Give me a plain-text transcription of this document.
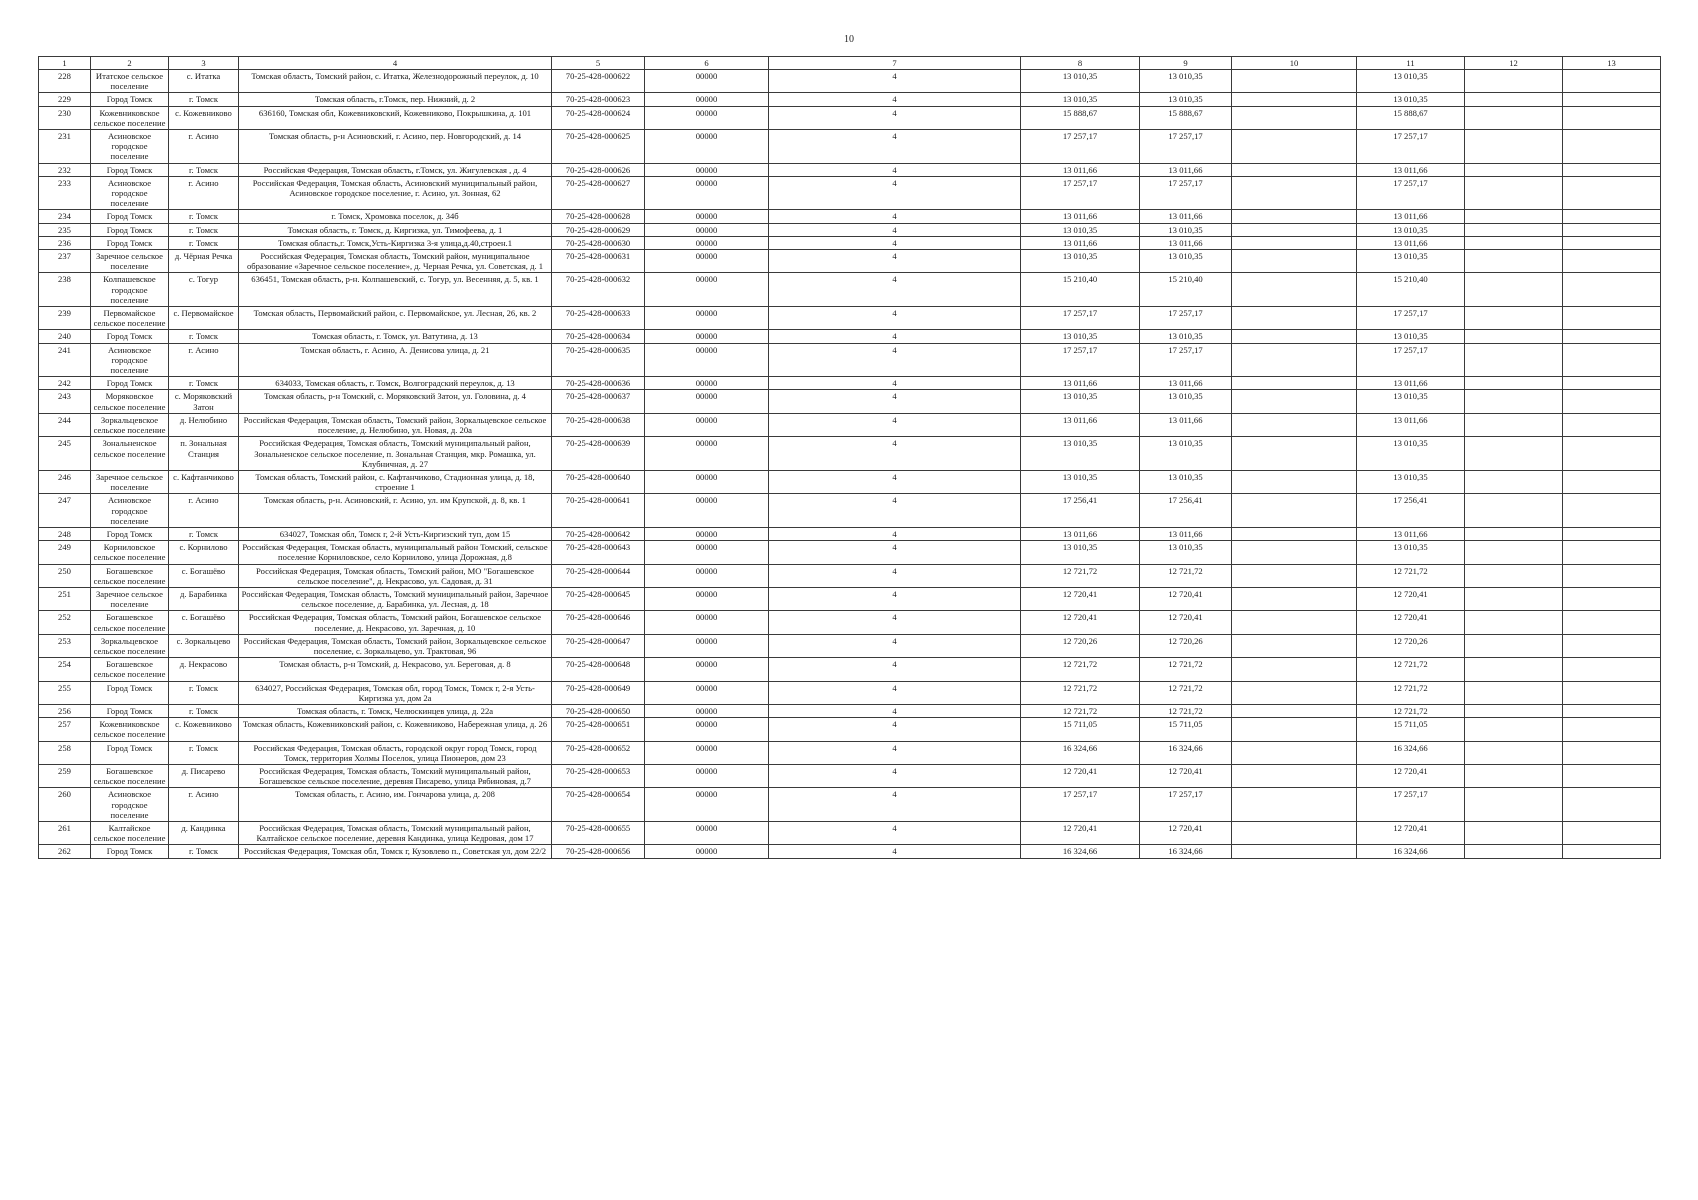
10
1	2	3	4	5	6	7	8	9	10	11	12	13
228	Итатское сельское поселение	с. Итатка	Томская область, Томский район, с. Итатка, Железнодорожный переулок, д. 10	70-25-428-000622	00000	4	13 010,35	13 010,35		13 010,35		
229	Город Томск	г. Томск	Томская область, г.Томск, пер. Нижний, д. 2	70-25-428-000623	00000	4	13 010,35	13 010,35		13 010,35		
230	Кожевниковское сельское поселение	с. Кожевниково	636160, Томская обл, Кожевниковский, Кожевниково, Покрышкина, д. 101	70-25-428-000624	00000	4	15 888,67	15 888,67		15 888,67		
231	Асиновское городское поселение	г. Асино	Томская область, р-н Асиновский, г. Асино, пер. Новгородский, д. 14	70-25-428-000625	00000	4	17 257,17	17 257,17		17 257,17		
232	Город Томск	г. Томск	Российская Федерация, Томская область, г.Томск, ул. Жигулевская , д. 4	70-25-428-000626	00000	4	13 011,66	13 011,66		13 011,66		
233	Асиновское городское поселение	г. Асино	Российская Федерация, Томская область, Асиновский муниципальный район, Асиновское городское поселение, г. Асино, ул. Зонная, 62	70-25-428-000627	00000	4	17 257,17	17 257,17		17 257,17		
234	Город Томск	г. Томск	г. Томск, Хромовка поселок, д. 34б	70-25-428-000628	00000	4	13 011,66	13 011,66		13 011,66		
235	Город Томск	г. Томск	Томская область, г. Томск, д. Киргизка, ул. Тимофеева, д. 1	70-25-428-000629	00000	4	13 010,35	13 010,35		13 010,35		
236	Город Томск	г. Томск	Томская область,г. Томск,Усть-Киргизка 3-я улица,д.40,строен.1	70-25-428-000630	00000	4	13 011,66	13 011,66		13 011,66		
237	Заречное сельское поселение	д. Чёрная Речка	Российская Федерация, Томская область, Томский район, муниципальное образование «Заречное сельское поселение», д. Черная Речка, ул. Советская, д. 1	70-25-428-000631	00000	4	13 010,35	13 010,35		13 010,35		
238	Колпашевское городское поселение	с. Тогур	636451, Томская область, р-н. Колпашевский, с. Тогур, ул. Весенняя, д. 5, кв. 1	70-25-428-000632	00000	4	15 210,40	15 210,40		15 210,40		
239	Первомайское сельское поселение	с. Первомайское	Томская область, Первомайский район, с. Первомайское, ул. Лесная, 26, кв. 2	70-25-428-000633	00000	4	17 257,17	17 257,17		17 257,17		
240	Город Томск	г. Томск	Томская область, г. Томск, ул. Ватутина, д. 13	70-25-428-000634	00000	4	13 010,35	13 010,35		13 010,35		
241	Асиновское городское поселение	г. Асино	Томская область, г. Асино, А. Денисова улица, д. 21	70-25-428-000635	00000	4	17 257,17	17 257,17		17 257,17		
242	Город Томск	г. Томск	634033, Томская область, г. Томск, Волгоградский переулок, д. 13	70-25-428-000636	00000	4	13 011,66	13 011,66		13 011,66		
243	Моряковское сельское поселение	с. Моряковский Затон	Томская область, р-н Томский, с. Моряковский Затон, ул. Головина, д. 4	70-25-428-000637	00000	4	13 010,35	13 010,35		13 010,35		
244	Зоркальцевское сельское поселение	д. Нелюбино	Российская Федерация, Томская область, Томский район, Зоркальцевское сельское поселение, д. Нелюбино, ул. Новая, д. 20а	70-25-428-000638	00000	4	13 011,66	13 011,66		13 011,66		
245	Зональненское сельское поселение	п. Зональная Станция	Российская Федерация, Томская область, Томский муниципальный район, Зональненское сельское поселение, п. Зональная Станция, мкр. Ромашка, ул. Клубничная, д. 27	70-25-428-000639	00000	4	13 010,35	13 010,35		13 010,35		
246	Заречное сельское поселение	с. Кафтанчиково	Томская область, Томский район, с. Кафтанчиково, Стадионная улица, д. 18, строение 1	70-25-428-000640	00000	4	13 010,35	13 010,35		13 010,35		
247	Асиновское городское поселение	г. Асино	Томская область, р-н. Асиновский, г. Асино, ул. им Крупской, д. 8, кв. 1	70-25-428-000641	00000	4	17 256,41	17 256,41		17 256,41		
248	Город Томск	г. Томск	634027, Томская обл, Томск г, 2-й Усть-Киргизский туп, дом 15	70-25-428-000642	00000	4	13 011,66	13 011,66		13 011,66		
249	Корниловское сельское поселение	с. Корнилово	Российская Федерация, Томская область, муниципальный район Томский, сельское поселение Корниловское, село Корнилово, улица Дорожная, д.8	70-25-428-000643	00000	4	13 010,35	13 010,35		13 010,35		
250	Богашевское сельское поселение	с. Богашёво	Российская Федерация, Томская область, Томский район, МО "Богашевское сельское поселение", д. Некрасово, ул. Садовая, д. 31	70-25-428-000644	00000	4	12 721,72	12 721,72		12 721,72		
251	Заречное сельское поселение	д. Барабинка	Российская Федерация, Томская область, Томский муниципальный район, Заречное сельское поселение, д. Барабинка, ул. Лесная, д. 18	70-25-428-000645	00000	4	12 720,41	12 720,41		12 720,41		
252	Богашевское сельское поселение	с. Богашёво	Российская Федерация, Томская область, Томский район, Богашевское сельское поселение, д. Некрасово, ул. Заречная, д. 10	70-25-428-000646	00000	4	12 720,41	12 720,41		12 720,41		
253	Зоркальцевское сельское поселение	с. Зоркальцево	Российская Федерация, Томская область, Томский район, Зоркальцевское сельское поселение, с. Зоркальцево, ул. Трактовая, 96	70-25-428-000647	00000	4	12 720,26	12 720,26		12 720,26		
254	Богашевское сельское поселение	д. Некрасово	Томская область, р-н Томский, д. Некрасово, ул. Береговая, д. 8	70-25-428-000648	00000	4	12 721,72	12 721,72		12 721,72		
255	Город Томск	г. Томск	634027, Российская Федерация, Томская обл, город Томск, Томск г, 2-я Усть-Киргизка ул, дом 2а	70-25-428-000649	00000	4	12 721,72	12 721,72		12 721,72		
256	Город Томск	г. Томск	Томская область, г. Томск, Челюскинцев улица, д. 22а	70-25-428-000650	00000	4	12 721,72	12 721,72		12 721,72		
257	Кожевниковское сельское поселение	с. Кожевниково	Томская область, Кожевниковский район, с. Кожевниково, Набережная улица, д. 26	70-25-428-000651	00000	4	15 711,05	15 711,05		15 711,05		
258	Город Томск	г. Томск	Российская Федерация, Томская область, городской округ город Томск, город Томск, территория Холмы Поселок, улица Пионеров, дом 23	70-25-428-000652	00000	4	16 324,66	16 324,66		16 324,66		
259	Богашевское сельское поселение	д. Писарево	Российская Федерация, Томская область, Томский муниципальный район, Богашевское сельское поселение, деревня Писарево, улица Рябиновая, д.7	70-25-428-000653	00000	4	12 720,41	12 720,41		12 720,41		
260	Асиновское городское поселение	г. Асино	Томская область, г. Асино, им. Гончарова улица, д. 208	70-25-428-000654	00000	4	17 257,17	17 257,17		17 257,17		
261	Калтайское сельское поселение	д. Кандинка	Российская Федерация, Томская область, Томский муниципальный район, Калтайское сельское поселение, деревня Кандинка, улица Кедровая, дом 17	70-25-428-000655	00000	4	12 720,41	12 720,41		12 720,41		
262	Город Томск	г. Томск	Российская Федерация, Томская обл, Томск г, Кузовлево п., Советская ул, дом 22/2	70-25-428-000656	00000	4	16 324,66	16 324,66		16 324,66		
